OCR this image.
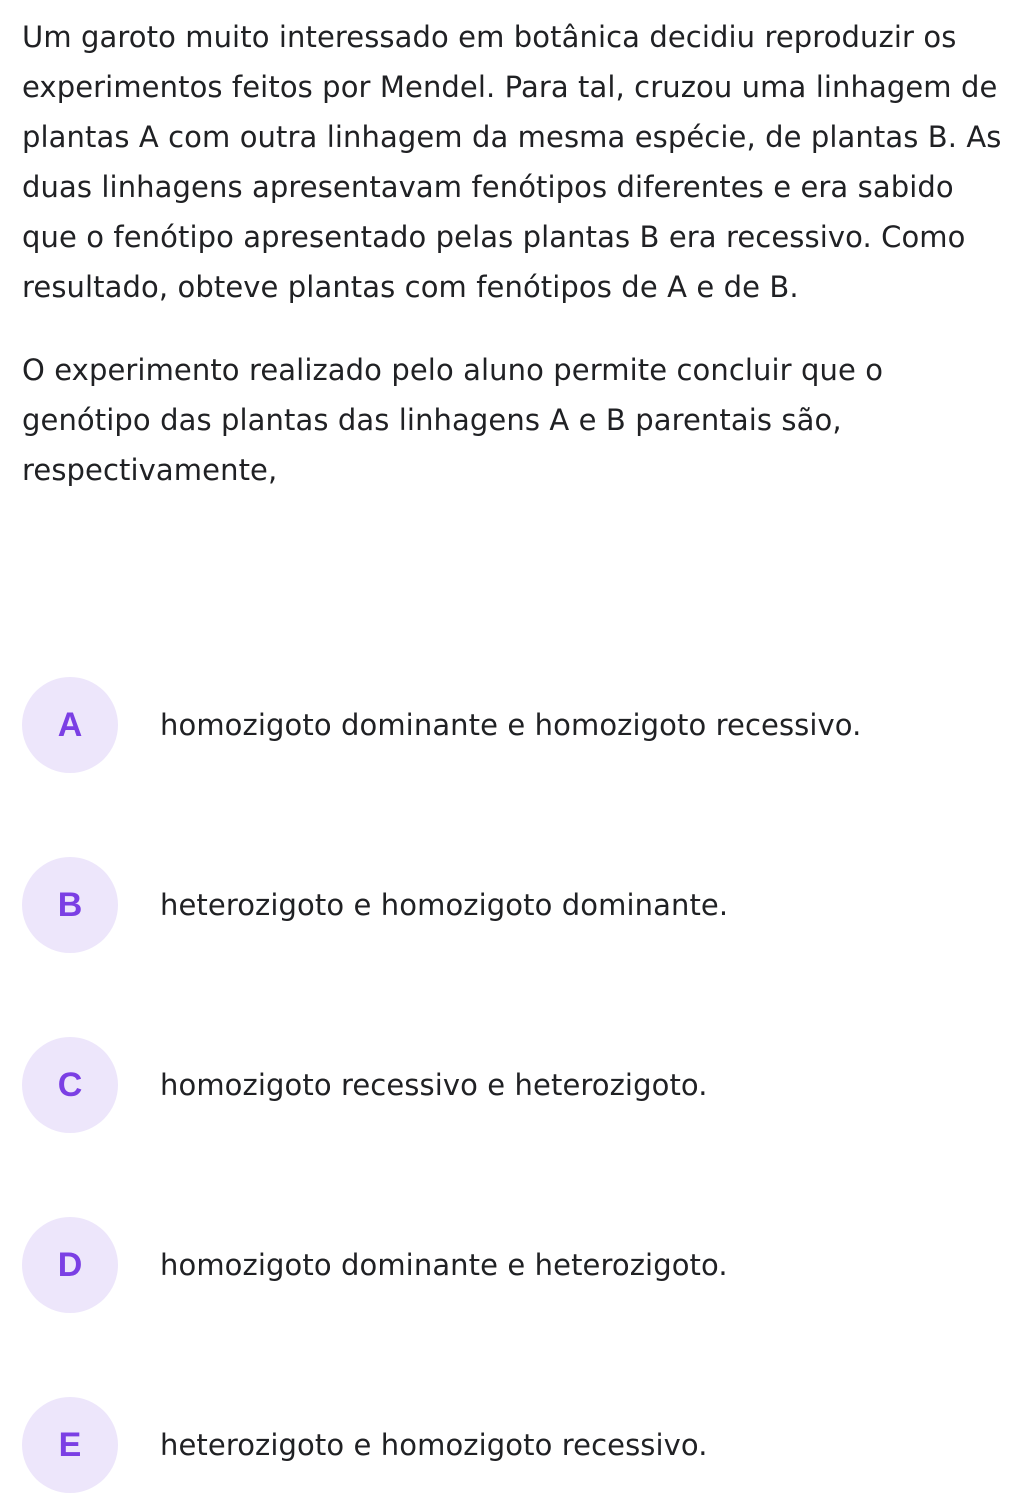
Um garoto muito interessado em botânica decidiu reproduzir os experimentos feitos por Mendel. Para tal, cruzou uma linhagem de plantas A com outra linhagem da mesma espécie, de plantas B. As duas linhagens apresentavam fenótipos diferentes e era sabido que o fenótipo apresentado pelas plantas B era recessivo. Como resultado, obteve plantas com fenótipos de A e de B.

O experimento realizado pelo aluno permite concluir que o genótipo das plantas das linhagens A e B parentais são, respectivamente,

A	homozigoto dominante e homozigoto recessivo.
B	heterozigoto e homozigoto dominante.
C	homozigoto recessivo e heterozigoto.
D	homozigoto dominante e heterozigoto.
E	heterozigoto e homozigoto recessivo.
